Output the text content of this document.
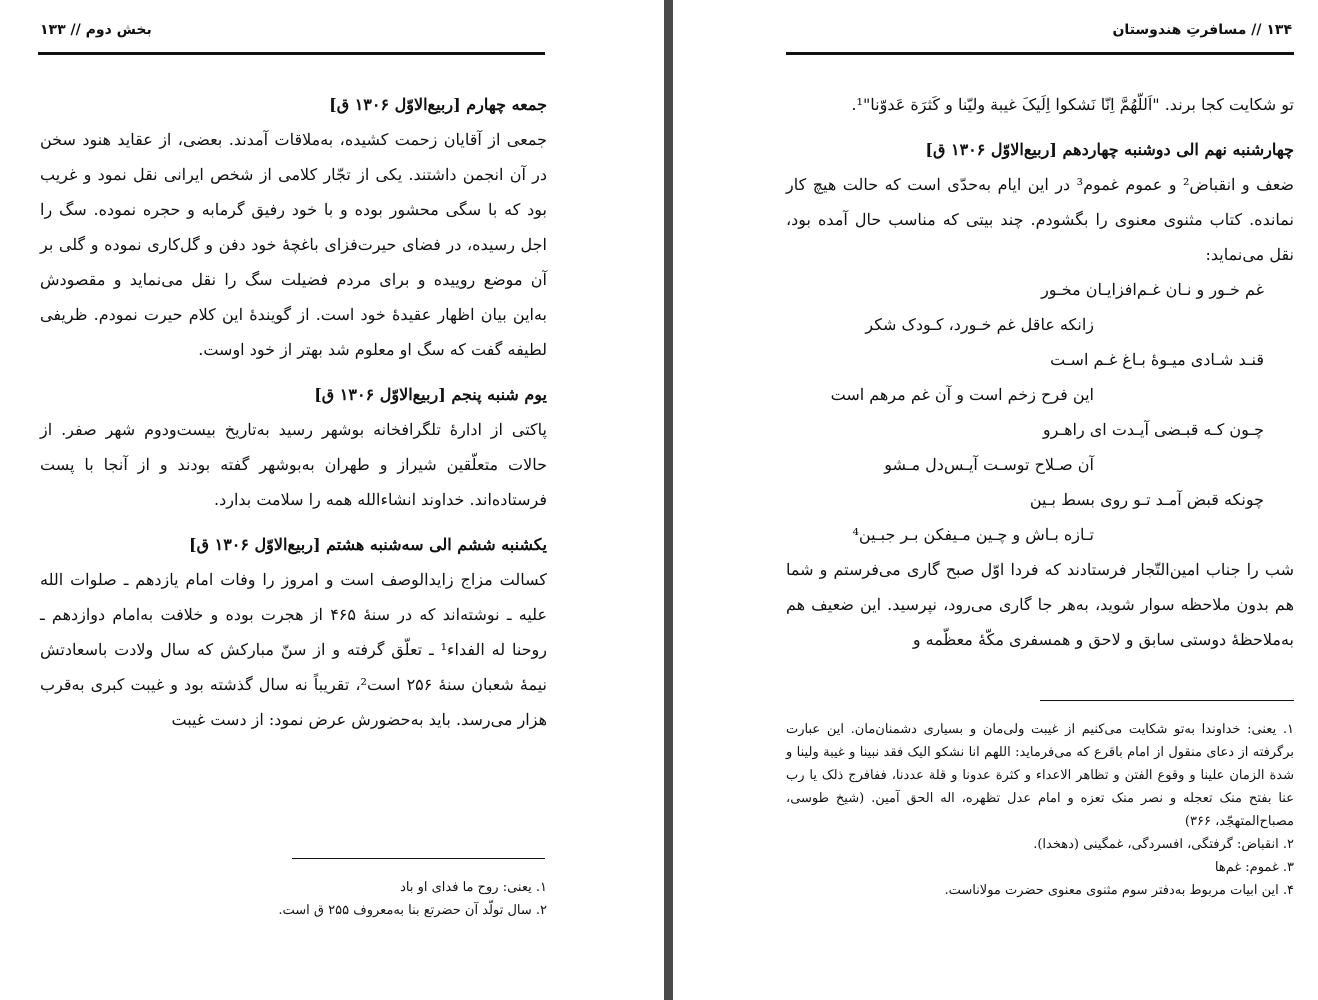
بخش دوم // ۱۳۳

جمعه چهارم [ربیع‌الاوّل ۱۳۰۶ ق]

جمعی از آقایان زحمت کشیده، به‌ملاقات آمدند. بعضی، از عقاید هنود سخن در آن انجمن داشتند. یکی از تجّار کلامی از شخص ایرانی نقل نمود و غریب بود که با سگی محشور بوده و با خود رفیق گرمابه و حجره نموده. سگ را اجل رسیده، در فضای حیرت‌فزای باغچهٔ خود دفن و گل‌کاری نموده و گلی بر آن موضع روییده و برای مردم فضیلت سگ را نقل می‌نماید و مقصودش به‌این بیان اظهار عقیدهٔ خود است. از گویندهٔ این کلام حیرت نمودم. ظریفی لطیفه گفت که سگ او معلوم شد بهتر از خود اوست.

یوم شنبه پنجم [ربیع‌الاوّل ۱۳۰۶ ق]

پاکتی از ادارهٔ تلگرافخانه بوشهر رسید به‌تاریخ بیست‌ودوم شهر صفر. از حالات متعلّقین شیراز و طهران به‌بوشهر گفته بودند و از آنجا با پست فرستاده‌اند. خداوند انشاءالله همه را سلامت بدارد.

یکشنبه ششم الی سه‌شنبه هشتم [ربیع‌الاوّل ۱۳۰۶ ق]

کسالت مزاج زایدالوصف است و امروز را وفات امام یازدهم ـ صلوات الله علیه ـ نوشته‌اند که در سنهٔ ۴۶۵ از هجرت بوده و خلافت به‌امام دوازدهم ـ روحنا له الفداء¹ ـ تعلّق گرفته و از سنّ مبارکش که سال ولادت باسعادتش نیمهٔ شعبان سنهٔ ۲۵۶ است²، تقریباً نه سال گذشته بود و غیبت کبری به‌قرب هزار می‌رسد. باید به‌حضورش عرض نمود: از دست غیبت

۱. یعنی: روح ما فدای او باد

۲. سال تولّد آن حضرتع بنا به‌معروف ۲۵۵ ق است.

۱۳۴ // مسافرتِ هندوستان

تو شکایت کجا برند. "اَللّهُمَّ اِنّا نَشکوا اِلَیکَ غیبة ولیّنا و کَثرَة عَدوّنا"¹.

چهارشنبه نهم الی دوشنبه چهاردهم [ربیع‌الاوّل ۱۳۰۶ ق]

ضعف و انقباض² و عموم غموم³ در این ایام به‌حدّی است که حالت هیچ کار نمانده. کتاب مثنوی معنوی را بگشودم. چند بیتی که مناسب حال آمده بود، نقل می‌نماید:

غم خـور و نـان غـم‌افزایـان مخـور
زانکه عاقل غم خـورد، کـودک شکر
قنـد شـادی میـوهٔ بـاغ غـم اسـت
این فرح زخم است و آن غم مرهم است
چـون کـه قبـضی آیـدت ای راهـرو
آن صـلاح توسـت آیـس‌دل مـشو
چونکه قبض آمـد تـو روی بسط بـین
تـازه بـاش و چـین مـیفکن بـر جبـین⁴

شب را جناب امین‌التّجار فرستادند که فردا اوّل صبح گاری می‌فرستم و شما هم بدون ملاحظه سوار شوید، به‌هر جا گاری می‌رود، نپرسید. این ضعیف هم به‌ملاحظهٔ دوستی سابق و لاحق و همسفری مکّهٔ معظّمه و

۱. یعنی: خداوندا به‌تو شکایت می‌کنیم از غیبت ولی‌مان و بسیاری دشمنان‌مان. این عبارت برگرفته از دعای منقول از امام باقرع که می‌فرماید: اللهم انا نشکو الیک فقد نبینا و غیبة ولینا و شدة الزمان علینا و وقوع الفتن و تظاهر الاعداء و کثرة عدونا و قلة عددنا، ففافرج ذلک یا رب عنا بفتح منک تعجله و نصر منک تعزه و امام عدل تظهره، اله الحق آمین. (شیخ طوسی، مصباح‌المتهجّد، ۳۶۶)

۲. انقباض: گرفتگی، افسردگی، غمگینی (دهخدا).

۳. غموم: غم‌ها

۴. این ابیات مربوط به‌دفتر سوم مثنوی معنوی حضرت مولاناست.
